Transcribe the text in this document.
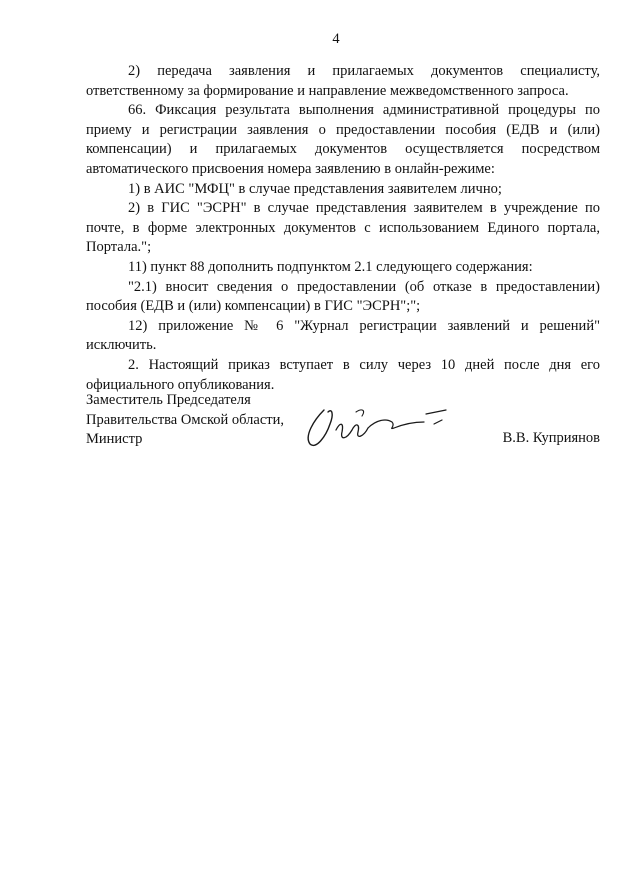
4
2) передача заявления и прилагаемых документов специалисту,
ответственному за формирование и направление межведомственного запроса.
66. Фиксация результата выполнения административной процедуры по
приему и регистрации заявления о предоставлении пособия (ЕДВ и (или)
компенсации) и прилагаемых документов осуществляется посредством
автоматического присвоения номера заявлению в онлайн-режиме:
1) в АИС "МФЦ" в случае представления заявителем лично;
2) в ГИС "ЭСРН" в случае представления заявителем в учреждение по
почте, в форме электронных документов с использованием Единого портала,
Портала.";
11) пункт 88 дополнить подпунктом 2.1 следующего содержания:
"2.1) вносит сведения о предоставлении (об отказе в предоставлении)
пособия (ЕДВ и (или) компенсации) в ГИС "ЭСРН";";
12) приложение № 6 "Журнал регистрации заявлений и решений"
исключить.
2. Настоящий приказ вступает в силу через 10 дней после дня его
официального опубликования.
Заместитель Председателя
Правительства Омской области,
Министр	В.В. Куприянов
